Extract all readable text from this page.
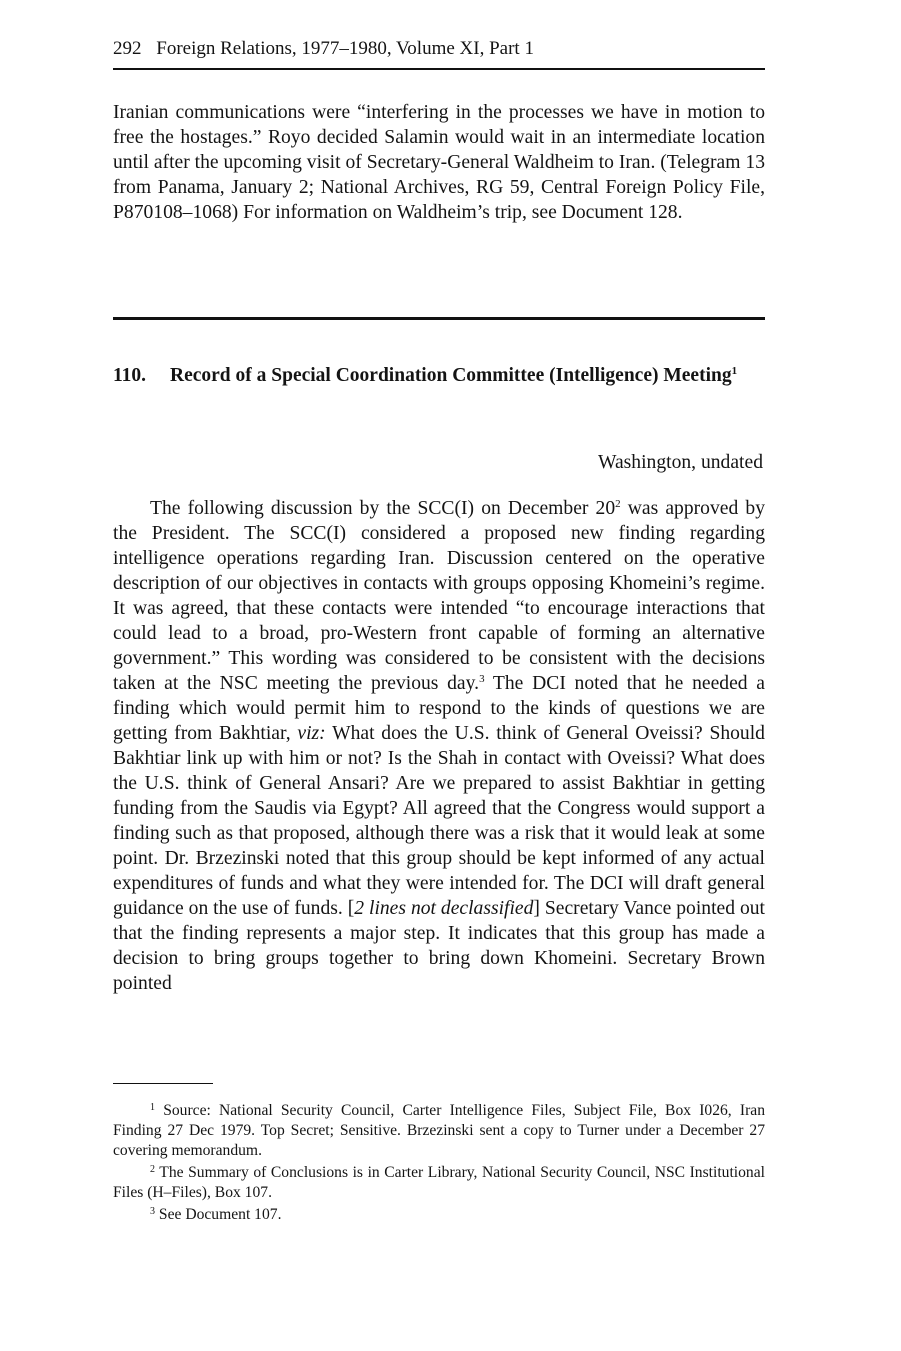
292 Foreign Relations, 1977–1980, Volume XI, Part 1
Iranian communications were “interfering in the processes we have in motion to free the hostages.” Royo decided Salamin would wait in an intermediate location until after the upcoming visit of Secretary-General Waldheim to Iran. (Telegram 13 from Panama, January 2; National Archives, RG 59, Central Foreign Policy File, P870108–1068) For information on Waldheim’s trip, see Document 128.
110. Record of a Special Coordination Committee (Intelligence) Meeting$^1$
Washington, undated

The following discussion by the SCC(I) on December $20^2$ was approved by the President. The SCC(I) considered a proposed new finding regarding intelligence operations regarding Iran. Discussion centered on the operative description of our objectives in contacts with groups opposing Khomeini’s regime. It was agreed, that these contacts were intended “to encourage interactions that could lead to a broad, pro-Western front capable of forming an alternative government.” This wording was considered to be consistent with the decisions taken at the NSC meeting the previous day.$^3$ The DCI noted that he needed a finding which would permit him to respond to the kinds of questions we are getting from Bakhtiar, viz: What does the U.S. think of General Oveissi? Should Bakhtiar link up with him or not? Is the Shah in contact with Oveissi? What does the U.S. think of General Ansari? Are we prepared to assist Bakhtiar in getting funding from the Saudis via Egypt? All agreed that the Congress would support a finding such as that proposed, although there was a risk that it would leak at some point. Dr. Brzezinski noted that this group should be kept informed of any actual expenditures of funds and what they were intended for. The DCI will draft general guidance on the use of funds. [2 lines not declassified] Secretary Vance pointed out that the finding represents a major step. It indicates that this group has made a decision to bring groups together to bring down Khomeini. Secretary Brown pointed

$^1$ Source: National Security Council, Carter Intelligence Files, Subject File, Box I026, Iran Finding 27 Dec 1979. Top Secret; Sensitive. Brzezinski sent a copy to Turner under a December 27 covering memorandum.

$^2$ The Summary of Conclusions is in Carter Library, National Security Council, NSC Institutional Files (H–Files), Box 107.

$^3$ See Document 107.
